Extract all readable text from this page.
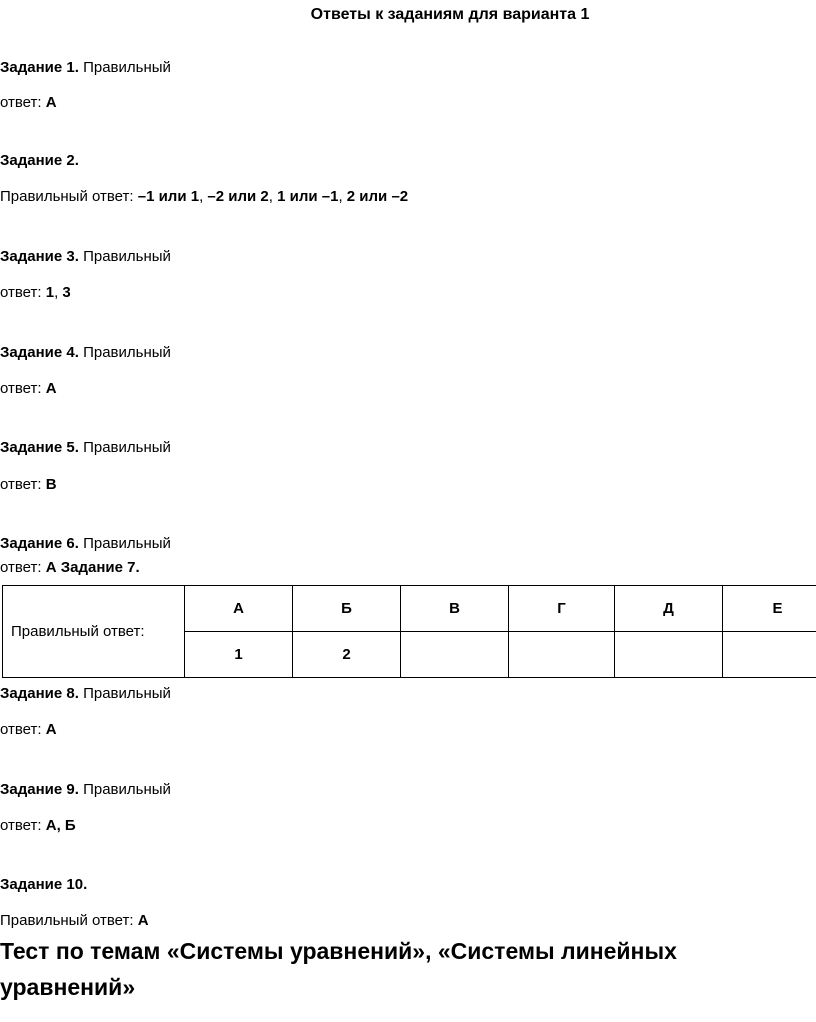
Ответы к заданиям для варианта 1
Задание 1. Правильный
ответ: А
Задание 2.
Правильный ответ: –1 или 1, –2 или 2, 1 или –1, 2 или –2
Задание 3. Правильный
ответ: 1, 3
Задание 4. Правильный
ответ: А
Задание 5. Правильный
ответ: В
Задание 6. Правильный
ответ: А Задание 7.
Правильный ответ:	А	Б	В	Г	Д	Е
	1	2				
Задание 8. Правильный
ответ: А
Задание 9. Правильный
ответ: А, Б
Задание 10.
Правильный ответ: А
Тест по темам «Системы уравнений», «Системы линейных
уравнений»
